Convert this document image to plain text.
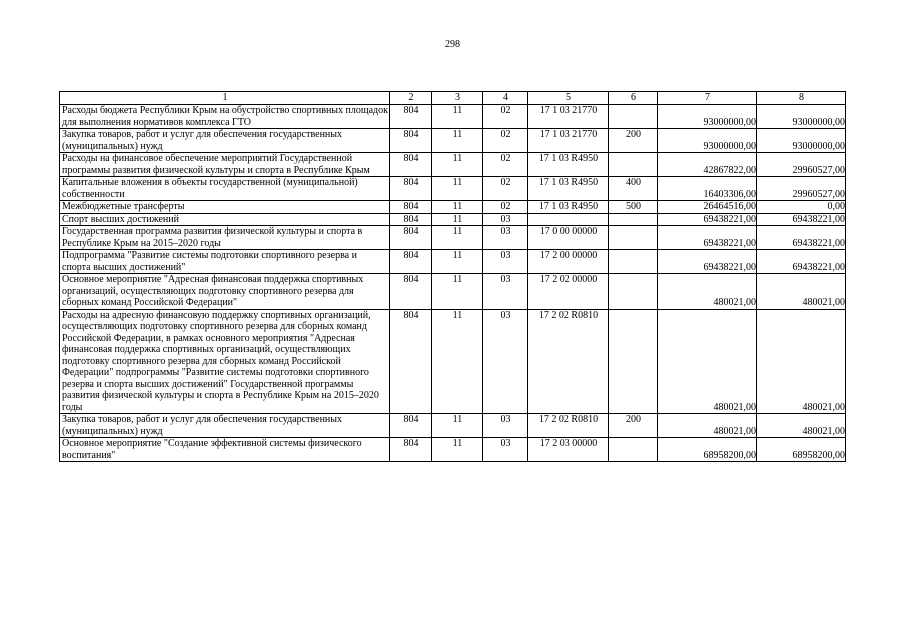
298
1	2	3	4	5	6	7	8
Расходы бюджета Республики Крым на обустройство спортивных площадок для выполнения нормативов комплекса ГТО	804	11	02	17 1 03 21770		93000000,00	93000000,00
Закупка товаров, работ и услуг для обеспечения государственных (муниципальных) нужд	804	11	02	17 1 03 21770	200	93000000,00	93000000,00
Расходы на финансовое обеспечение мероприятий Государственной программы развития физической культуры и спорта в Республике Крым	804	11	02	17 1 03 R4950		42867822,00	29960527,00
Капитальные вложения в объекты государственной (муниципальной) собственности	804	11	02	17 1 03 R4950	400	16403306,00	29960527,00
Межбюджетные трансферты	804	11	02	17 1 03 R4950	500	26464516,00	0,00
Спорт высших достижений	804	11	03			69438221,00	69438221,00
Государственная программа развития физической культуры и спорта в Республике Крым на 2015–2020 годы	804	11	03	17 0 00 00000		69438221,00	69438221,00
Подпрограмма "Развитие системы подготовки спортивного резерва и спорта высших достижений"	804	11	03	17 2 00 00000		69438221,00	69438221,00
Основное мероприятие "Адресная финансовая поддержка спортивных организаций, осуществляющих подготовку спортивного резерва для сборных команд Российской Федерации"	804	11	03	17 2 02 00000		480021,00	480021,00
Расходы на адресную финансовую поддержку спортивных организаций, осуществляющих подготовку спортивного резерва для сборных команд Российской Федерации, в рамках основного мероприятия "Адресная финансовая поддержка спортивных организаций, осуществляющих подготовку спортивного резерва для сборных команд Российской Федерации" подпрограммы "Развитие системы подготовки спортивного резерва и спорта высших достижений" Государственной программы развития физической культуры и спорта в Республике Крым на 2015–2020 годы	804	11	03	17 2 02 R0810		480021,00	480021,00
Закупка товаров, работ и услуг для обеспечения государственных (муниципальных) нужд	804	11	03	17 2 02 R0810	200	480021,00	480021,00
Основное мероприятие "Создание эффективной системы физического воспитания"	804	11	03	17 2 03 00000		68958200,00	68958200,00
